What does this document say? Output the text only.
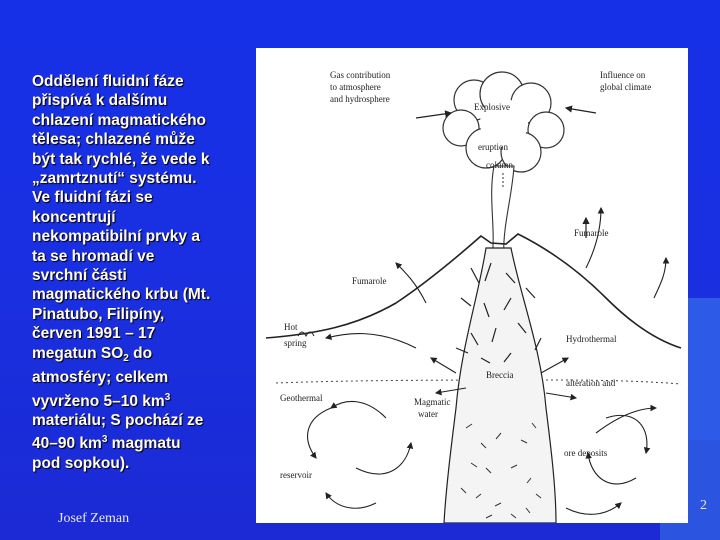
Oddělení fluidní fáze
přispívá k dalšímu
chlazení magmatického
tělesa; chlazené může
být tak rychlé, že vede k
„zamrtznutí“ systému.
Ve fluidní fázi se
koncentrují
nekompatibilní prvky a
ta se hromadí ve
svrchní části
magmatického krbu (Mt.
Pinatubo, Filipíny,
červen 1991 – 17
megatun $SO_2$ do
atmosféry; celkem
vyvrženo 5–10 $km^3$
materiálu; S pochází ze
40–90 $km^3$ magmatu
pod sopkou).
Josef Zeman
2
Gas contribution
to atmosphere
and hydrosphere
Influence on
global climate
Explosive
eruption
column
Fumarole
Fumarole
Hot
spring	Hydrothermal
Breccia
alteration and
Geothermal	Magmatic
water
reservoir
ore deposits
